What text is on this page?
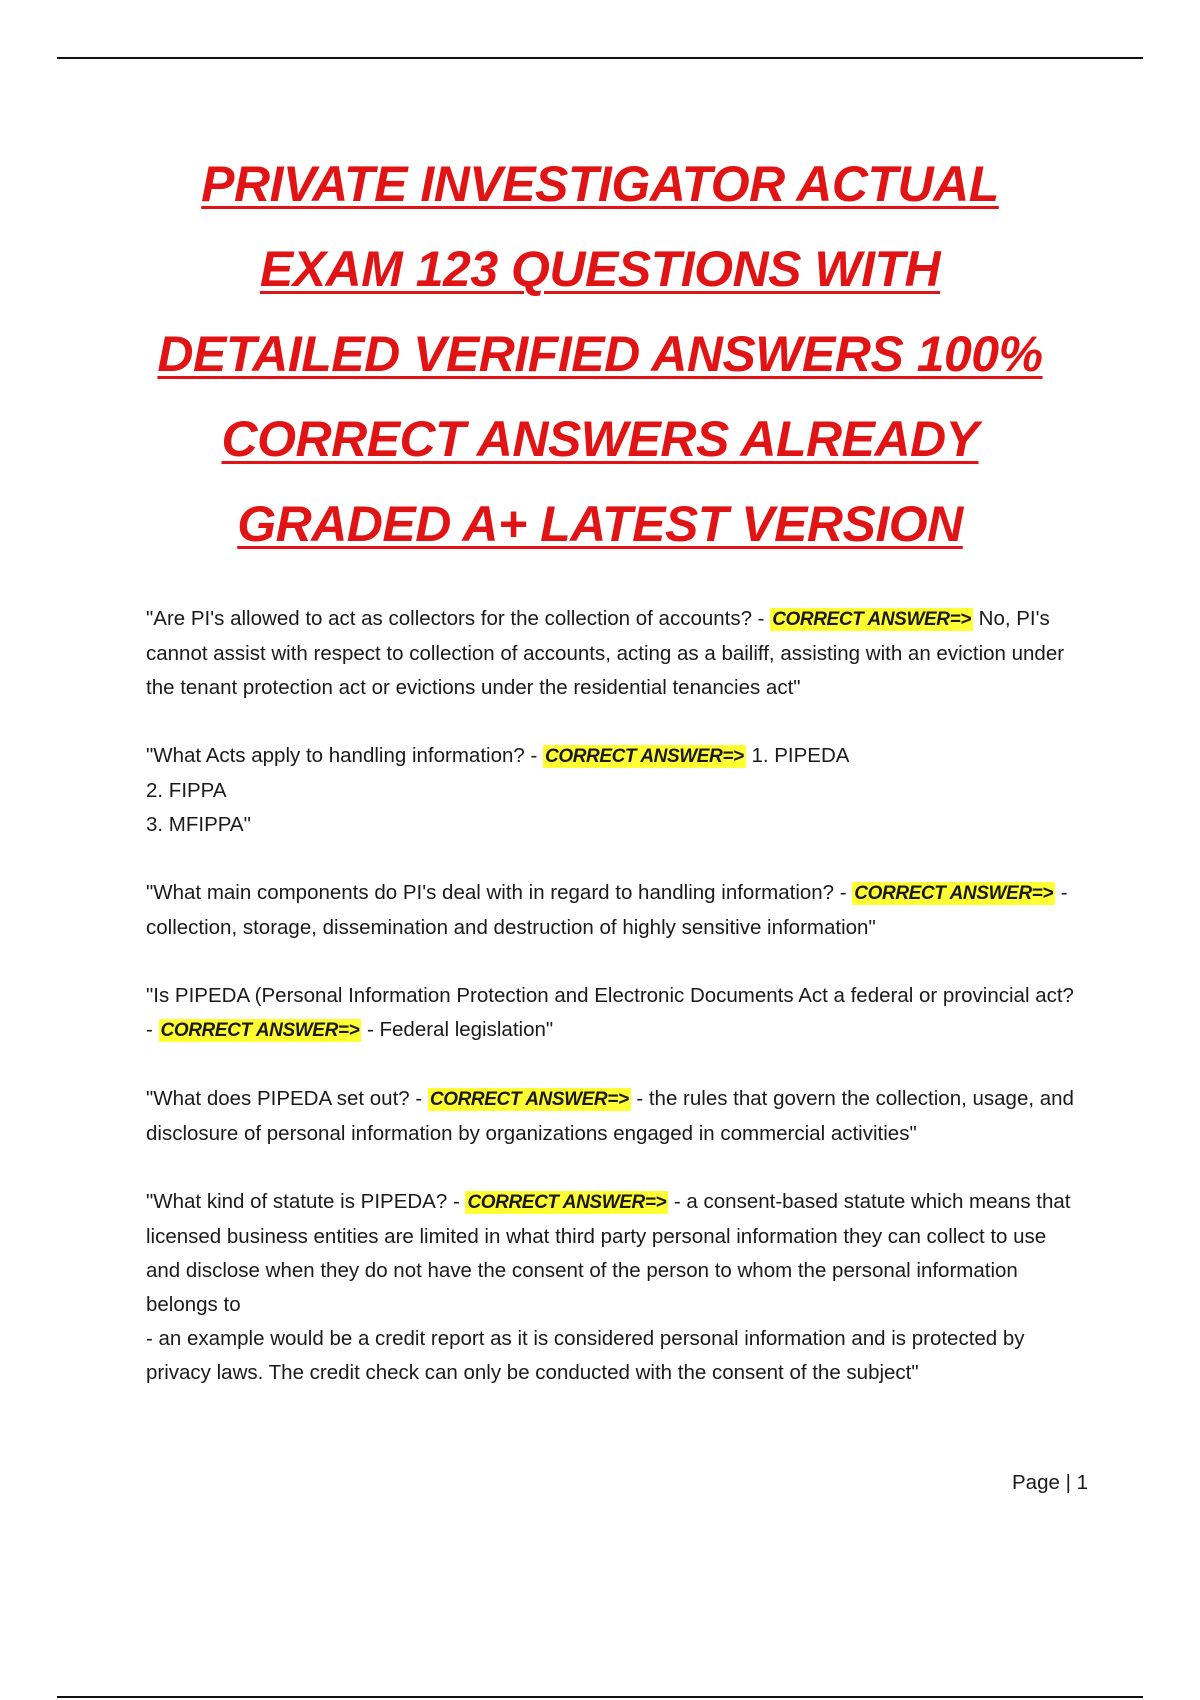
PRIVATE INVESTIGATOR ACTUAL
EXAM 123 QUESTIONS WITH
DETAILED VERIFIED ANSWERS 100%
CORRECT ANSWERS ALREADY
GRADED A+ LATEST VERSION

"Are PI's allowed to act as collectors for the collection of accounts? - CORRECT ANSWER=> No, PI's cannot assist with respect to collection of accounts, acting as a bailiff, assisting with an eviction under the tenant protection act or evictions under the residential tenancies act"

"What Acts apply to handling information? - CORRECT ANSWER=> 1. PIPEDA
2. FIPPA
3. MFIPPA"

"What main components do PI's deal with in regard to handling information? - CORRECT ANSWER=> - collection, storage, dissemination and destruction of highly sensitive information"

"Is PIPEDA (Personal Information Protection and Electronic Documents Act a federal or provincial act? - CORRECT ANSWER=> - Federal legislation"

"What does PIPEDA set out? - CORRECT ANSWER=> - the rules that govern the collection, usage, and disclosure of personal information by organizations engaged in commercial activities"

"What kind of statute is PIPEDA? - CORRECT ANSWER=> - a consent-based statute which means that licensed business entities are limited in what third party personal information they can collect to use and disclose when they do not have the consent of the person to whom the personal information belongs to
- an example would be a credit report as it is considered personal information and is protected by privacy laws. The credit check can only be conducted with the consent of the subject"

Page | 1
